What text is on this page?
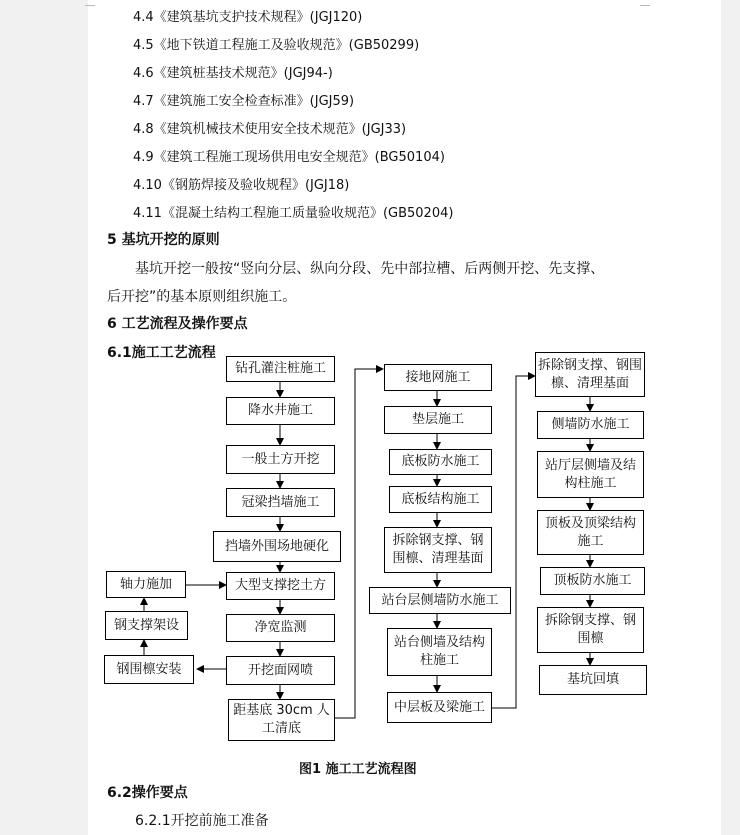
4.4《建筑基坑支护技术规程》(JGJ120)
4.5《地下铁道工程施工及验收规范》(GB50299)
4.6《建筑桩基技术规范》(JGJ94-)
4.7《建筑施工安全检查标准》(JGJ59)
4.8《建筑机械技术使用安全技术规范》(JGJ33)
4.9《建筑工程施工现场供用电安全规范》(BG50104)
4.10《钢筋焊接及验收规程》(JGJ18)
4.11《混凝土结构工程施工质量验收规范》(GB50204)
5 基坑开挖的原则
基坑开挖一般按“竖向分层、纵向分段、先中部拉槽、后两侧开挖、先支撑、
后开挖”的基本原则组织施工。
6 工艺流程及操作要点
6.1施工工艺流程
钻孔灌注桩施工
降水井施工
一般土方开挖
冠梁挡墙施工
挡墙外围场地硬化
大型支撑挖土方
净宽监测
开挖面网喷
距基底 30cm 人工清底
轴力施加
钢支撑架设
钢围檩安装
接地网施工
垫层施工
底板防水施工
底板结构施工
拆除钢支撑、钢围檩、清理基面
站台层侧墙防水施工
站台侧墙及结构柱施工
中层板及梁施工
拆除钢支撑、钢围檩、清理基面
侧墙防水施工
站厅层侧墙及结构柱施工
顶板及顶梁结构施工
顶板防水施工
拆除钢支撑、钢围檩
基坑回填
图1 施工工艺流程图
6.2操作要点
6.2.1开挖前施工准备
